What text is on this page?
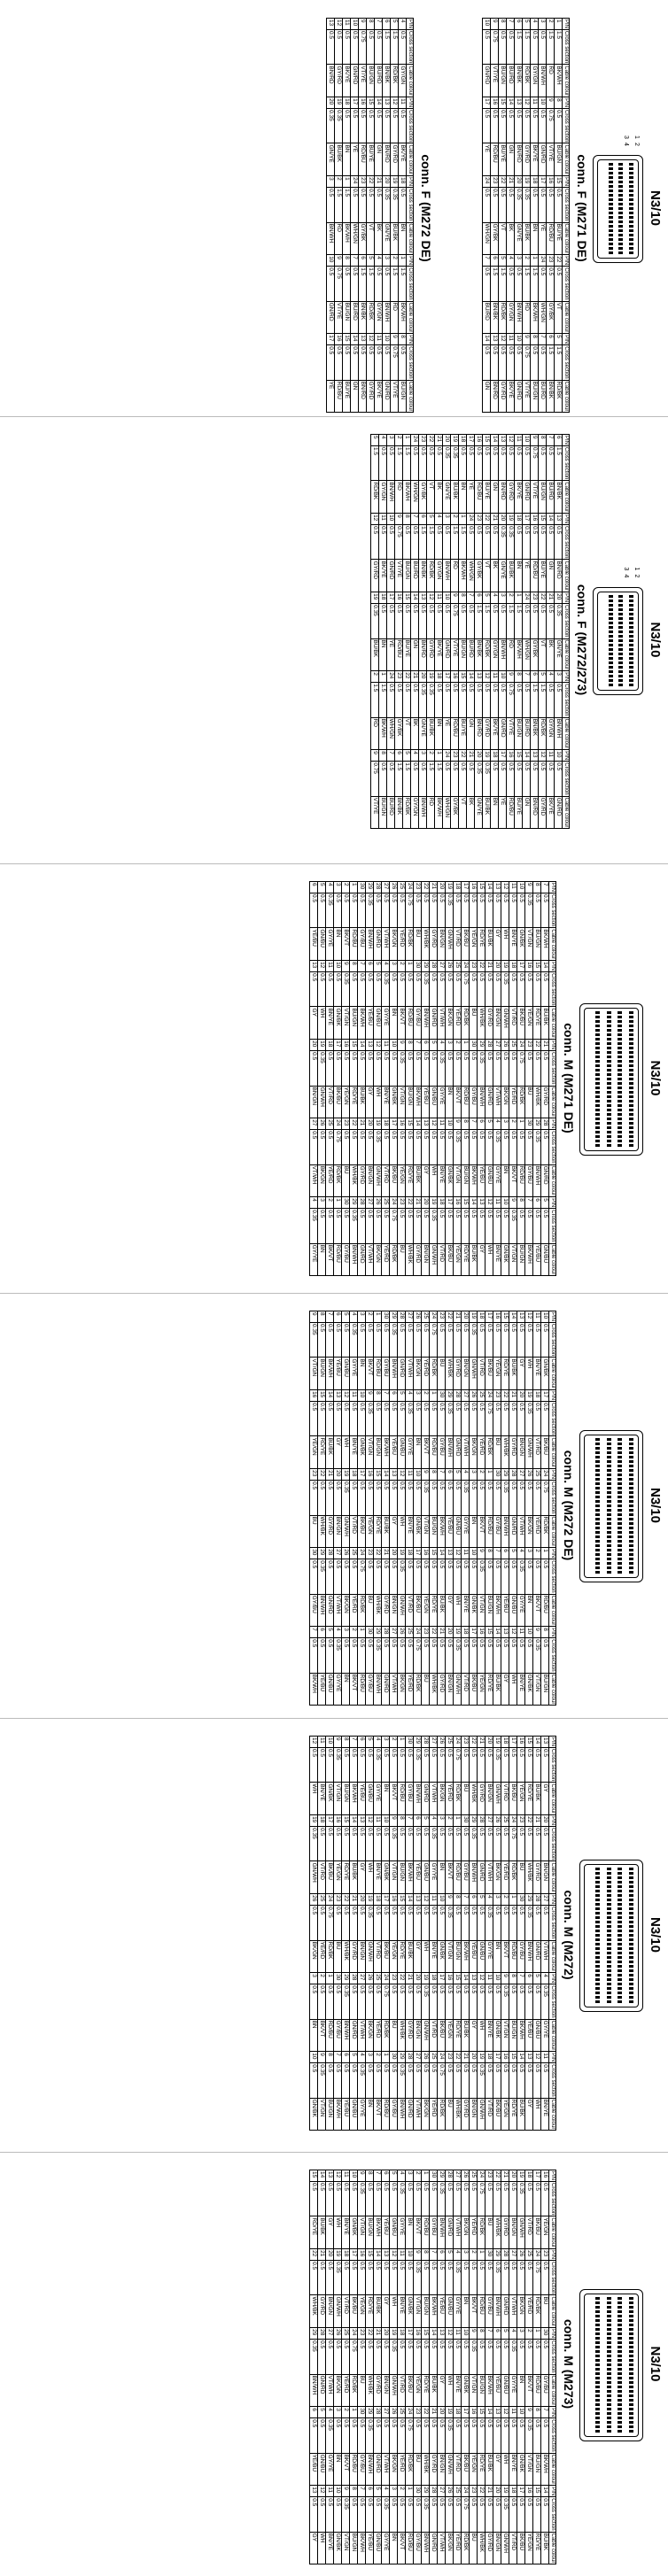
N3/10
1
2
3
4
conn. F (M271 DE)
PIN	Cross section	Cable colour	PIN	Cross section	Cable colour	PIN	Cross section	Cable colour	PIN	Cross section	Cable colour	PIN	Cross section	Cable colour
1	1.5	BK/WH	8	0.5	BU/GN	15	0.5	BU/YE	22	0.5	VT	5	1.5	RD/BK
2	1.5	RD	9	0.75	VT/YE	16	0.5	RD/BU	23	0.5	GY/BK	6	1.5	BN/BK
3	0.5	BN/WH	10	0.5	GN/RD	17	0.5	YE	24	0.5	WH/GN	7	0.5	BU/RD
4	0.5	GY/GN	11	0.5	BK/YE	18	0.5	BN	1	1.5	BK/WH	8	0.5	BU/GN
5	1.5	RD/BK	12	0.5	GY/RD	19	0.35	BU/BK	2	1.5	RD	9	0.75	VT/YE
6	1.5	BN/BK	13	0.5	BN/RD	20	0.35	GN/YE	3	0.5	BN/WH	10	0.5	GN/RD
7	0.5	BU/RD	14	0.5	GN	21	0.5	BK	4	0.5	GY/GN	11	0.5	BK/YE
8	0.5	BU/GN	15	0.5	BU/YE	22	0.5	VT	5	1.5	RD/BK	12	0.5	GY/RD
9	0.75	VT/YE	16	0.5	RD/BU	23	0.5	GY/BK	6	1.5	BN/BK	13	0.5	BN/RD
10	0.5	GN/RD	17	0.5	YE	24	0.5	WH/GN	7	0.5	BU/RD	14	0.5	GN
PIN	Cross section	Cable colour	PIN	Cross section	Cable colour	PIN	Cross section	Cable colour	PIN	Cross section	Cable colour	PIN	Cross section	Cable colour
4	0.5	GY/GN	11	0.5	BK/YE	18	0.5	BN	1	1.5	BK/WH	8	0.5	BU/GN
5	1.5	RD/BK	12	0.5	GY/RD	19	0.35	BU/BK	2	1.5	RD	9	0.75	VT/YE
6	1.5	BN/BK	13	0.5	BN/RD	20	0.35	GN/YE	3	0.5	BN/WH	10	0.5	GN/RD
7	0.5	BU/RD	14	0.5	GN	21	0.5	BK	4	0.5	GY/GN	11	0.5	BK/YE
8	0.5	BU/GN	15	0.5	BU/YE	22	0.5	VT	5	1.5	RD/BK	12	0.5	GY/RD
9	0.75	VT/YE	16	0.5	RD/BU	23	0.5	GY/BK	6	1.5	BN/BK	13	0.5	BN/RD
10	0.5	GN/RD	17	0.5	YE	24	0.5	WH/GN	7	0.5	BU/RD	14	0.5	GN
11	0.5	BK/YE	18	0.5	BN	1	1.5	BK/WH	8	0.5	BU/GN	15	0.5	BU/YE
12	0.5	GY/RD	19	0.35	BU/BK	2	1.5	RD	9	0.75	VT/YE	16	0.5	RD/BU
13	0.5	BN/RD	20	0.35	GN/YE	3	0.5	BN/WH	10	0.5	GN/RD	17	0.5	YE
conn. F (M272 DE)
N3/10
1
2
3
4
conn. F (M272/273)
PIN	Cross section	Cable colour	PIN	Cross section	Cable colour	PIN	Cross section	Cable colour	PIN	Cross section	Cable colour	PIN	Cross section	Cable colour
6	1.5	BN/BK	13	0.5	BN/RD	20	0.35	GN/YE	3	0.5	BN/WH	10	0.5	GN/RD
7	0.5	BU/RD	14	0.5	GN	21	0.5	BK	4	0.5	GY/GN	11	0.5	BK/YE
8	0.5	BU/GN	15	0.5	BU/YE	22	0.5	VT	5	1.5	RD/BK	12	0.5	GY/RD
9	0.75	VT/YE	16	0.5	RD/BU	23	0.5	GY/BK	6	1.5	BN/BK	13	0.5	BN/RD
10	0.5	GN/RD	17	0.5	YE	24	0.5	WH/GN	7	0.5	BU/RD	14	0.5	GN
11	0.5	BK/YE	18	0.5	BN	1	1.5	BK/WH	8	0.5	BU/GN	15	0.5	BU/YE
12	0.5	GY/RD	19	0.35	BU/BK	2	1.5	RD	9	0.75	VT/YE	16	0.5	RD/BU
13	0.5	BN/RD	20	0.35	GN/YE	3	0.5	BN/WH	10	0.5	GN/RD	17	0.5	YE
14	0.5	GN	21	0.5	BK	4	0.5	GY/GN	11	0.5	BK/YE	18	0.5	BN
15	0.5	BU/YE	22	0.5	VT	5	1.5	RD/BK	12	0.5	GY/RD	19	0.35	BU/BK
16	0.5	RD/BU	23	0.5	GY/BK	6	1.5	BN/BK	13	0.5	BN/RD	20	0.35	GN/YE
17	0.5	YE	24	0.5	WH/GN	7	0.5	BU/RD	14	0.5	GN	21	0.5	BK
18	0.5	BN	1	1.5	BK/WH	8	0.5	BU/GN	15	0.5	BU/YE	22	0.5	VT
19	0.35	BU/BK	2	1.5	RD	9	0.75	VT/YE	16	0.5	RD/BU	23	0.5	GY/BK
20	0.35	GN/YE	3	0.5	BN/WH	10	0.5	GN/RD	17	0.5	YE	24	0.5	WH/GN
21	0.5	BK	4	0.5	GY/GN	11	0.5	BK/YE	18	0.5	BN	1	1.5	BK/WH
22	0.5	VT	5	1.5	RD/BK	12	0.5	GY/RD	19	0.35	BU/BK	2	1.5	RD
23	0.5	GY/BK	6	1.5	BN/BK	13	0.5	BN/RD	20	0.35	GN/YE	3	0.5	BN/WH
24	0.5	WH/GN	7	0.5	BU/RD	14	0.5	GN	21	0.5	BK	4	0.5	GY/GN
1	1.5	BK/WH	8	0.5	BU/GN	15	0.5	BU/YE	22	0.5	VT	5	1.5	RD/BK
2	1.5	RD	9	0.75	VT/YE	16	0.5	RD/BU	23	0.5	GY/BK	6	1.5	BN/BK
3	0.5	BN/WH	10	0.5	GN/RD	17	0.5	YE	24	0.5	WH/GN	7	0.5	BU/RD
4	0.5	GY/GN	11	0.5	BK/YE	18	0.5	BN	1	1.5	BK/WH	8	0.5	BU/GN
5	1.5	RD/BK	12	0.5	GY/RD	19	0.35	BU/BK	2	1.5	RD	9	0.75	VT/YE
N3/10
conn. M (M271 DE)
PIN	Cross section	Cable colour	PIN	Cross section	Cable colour	PIN	Cross section	Cable colour	PIN	Cross section	Cable colour	PIN	Cross section	Cable colour
7	0.5	BK/WH	14	0.5	BU/BK	21	0.5	GY/RD	28	0.5	GN/RD	5	0.5	GN/BU
8	0.5	BU/GN	15	0.5	RD/YE	22	0.5	WH/BK	29	0.35	BN/WH	6	0.5	YE/BU
9	0.35	VT/GN	16	0.5	YE/GN	23	0.5	BU	30	0.5	GY/BU	7	0.5	BK/WH
10	0.5	GN/BK	17	0.5	BK/BU	24	0.75	RD/BK	1	0.5	RD/BU	8	0.5	BU/GN
11	0.5	BN/YE	18	0.5	VT/RD	25	0.5	YE/RD	2	0.5	BK/VT	9	0.35	VT/GN
12	0.5	WH	19	0.35	GN/WH	26	0.5	BK/GN	3	0.5	BN	10	0.5	GN/BK
13	0.5	GY	20	0.5	BN/GN	27	0.5	VT/WH	4	0.35	GY/YE	11	0.5	BN/YE
14	0.5	BU/BK	21	0.5	GY/RD	28	0.5	GN/RD	5	0.5	GN/BU	12	0.5	WH
15	0.5	RD/YE	22	0.5	WH/BK	29	0.35	BN/WH	6	0.5	YE/BU	13	0.5	GY
16	0.5	YE/GN	23	0.5	BU	30	0.5	GY/BU	7	0.5	BK/WH	14	0.5	BU/BK
17	0.5	BK/BU	24	0.75	RD/BK	1	0.5	RD/BU	8	0.5	BU/GN	15	0.5	RD/YE
18	0.5	VT/RD	25	0.5	YE/RD	2	0.5	BK/VT	9	0.35	VT/GN	16	0.5	YE/GN
19	0.35	GN/WH	26	0.5	BK/GN	3	0.5	BN	10	0.5	GN/BK	17	0.5	BK/BU
20	0.5	BN/GN	27	0.5	VT/WH	4	0.35	GY/YE	11	0.5	BN/YE	18	0.5	VT/RD
21	0.5	GY/RD	28	0.5	GN/RD	5	0.5	GN/BU	12	0.5	WH	19	0.35	GN/WH
22	0.5	WH/BK	29	0.35	BN/WH	6	0.5	YE/BU	13	0.5	GY	20	0.5	BN/GN
23	0.5	BU	30	0.5	GY/BU	7	0.5	BK/WH	14	0.5	BU/BK	21	0.5	GY/RD
24	0.75	RD/BK	1	0.5	RD/BU	8	0.5	BU/GN	15	0.5	RD/YE	22	0.5	WH/BK
25	0.5	YE/RD	2	0.5	BK/VT	9	0.35	VT/GN	16	0.5	YE/GN	23	0.5	BU
26	0.5	BK/GN	3	0.5	BN	10	0.5	GN/BK	17	0.5	BK/BU	24	0.75	RD/BK
27	0.5	VT/WH	4	0.35	GY/YE	11	0.5	BN/YE	18	0.5	VT/RD	25	0.5	YE/RD
28	0.5	GN/RD	5	0.5	GN/BU	12	0.5	WH	19	0.35	GN/WH	26	0.5	BK/GN
29	0.35	BN/WH	6	0.5	YE/BU	13	0.5	GY	20	0.5	BN/GN	27	0.5	VT/WH
30	0.5	GY/BU	7	0.5	BK/WH	14	0.5	BU/BK	21	0.5	GY/RD	28	0.5	GN/RD
1	0.5	RD/BU	8	0.5	BU/GN	15	0.5	RD/YE	22	0.5	WH/BK	29	0.35	BN/WH
2	0.5	BK/VT	9	0.35	VT/GN	16	0.5	YE/GN	23	0.5	BU	30	0.5	GY/BU
3	0.5	BN	10	0.5	GN/BK	17	0.5	BK/BU	24	0.75	RD/BK	1	0.5	RD/BU
4	0.35	GY/YE	11	0.5	BN/YE	18	0.5	VT/RD	25	0.5	YE/RD	2	0.5	BK/VT
5	0.5	GN/BU	12	0.5	WH	19	0.35	GN/WH	26	0.5	BK/GN	3	0.5	BN
6	0.5	YE/BU	13	0.5	GY	20	0.5	BN/GN	27	0.5	VT/WH	4	0.35	GY/YE
N3/10
conn. M (M272 DE)
PIN	Cross section	Cable colour	PIN	Cross section	Cable colour	PIN	Cross section	Cable colour	PIN	Cross section	Cable colour	PIN	Cross section	Cable colour
10	0.5	GN/BK	17	0.5	BK/BU	24	0.75	RD/BK	1	0.5	RD/BU	8	0.5	BU/GN
11	0.5	BN/YE	18	0.5	VT/RD	25	0.5	YE/RD	2	0.5	BK/VT	9	0.35	VT/GN
12	0.5	WH	19	0.35	GN/WH	26	0.5	BK/GN	3	0.5	BN	10	0.5	GN/BK
13	0.5	GY	20	0.5	BN/GN	27	0.5	VT/WH	4	0.35	GY/YE	11	0.5	BN/YE
14	0.5	BU/BK	21	0.5	GY/RD	28	0.5	GN/RD	5	0.5	GN/BU	12	0.5	WH
15	0.5	RD/YE	22	0.5	WH/BK	29	0.35	BN/WH	6	0.5	YE/BU	13	0.5	GY
16	0.5	YE/GN	23	0.5	BU	30	0.5	GY/BU	7	0.5	BK/WH	14	0.5	BU/BK
17	0.5	BK/BU	24	0.75	RD/BK	1	0.5	RD/BU	8	0.5	BU/GN	15	0.5	RD/YE
18	0.5	VT/RD	25	0.5	YE/RD	2	0.5	BK/VT	9	0.35	VT/GN	16	0.5	YE/GN
19	0.35	GN/WH	26	0.5	BK/GN	3	0.5	BN	10	0.5	GN/BK	17	0.5	BK/BU
20	0.5	BN/GN	27	0.5	VT/WH	4	0.35	GY/YE	11	0.5	BN/YE	18	0.5	VT/RD
21	0.5	GY/RD	28	0.5	GN/RD	5	0.5	GN/BU	12	0.5	WH	19	0.35	GN/WH
22	0.5	WH/BK	29	0.35	BN/WH	6	0.5	YE/BU	13	0.5	GY	20	0.5	BN/GN
23	0.5	BU	30	0.5	GY/BU	7	0.5	BK/WH	14	0.5	BU/BK	21	0.5	GY/RD
24	0.75	RD/BK	1	0.5	RD/BU	8	0.5	BU/GN	15	0.5	RD/YE	22	0.5	WH/BK
25	0.5	YE/RD	2	0.5	BK/VT	9	0.35	VT/GN	16	0.5	YE/GN	23	0.5	BU
26	0.5	BK/GN	3	0.5	BN	10	0.5	GN/BK	17	0.5	BK/BU	24	0.75	RD/BK
27	0.5	VT/WH	4	0.35	GY/YE	11	0.5	BN/YE	18	0.5	VT/RD	25	0.5	YE/RD
28	0.5	GN/RD	5	0.5	GN/BU	12	0.5	WH	19	0.35	GN/WH	26	0.5	BK/GN
29	0.35	BN/WH	6	0.5	YE/BU	13	0.5	GY	20	0.5	BN/GN	27	0.5	VT/WH
30	0.5	GY/BU	7	0.5	BK/WH	14	0.5	BU/BK	21	0.5	GY/RD	28	0.5	GN/RD
1	0.5	RD/BU	8	0.5	BU/GN	15	0.5	RD/YE	22	0.5	WH/BK	29	0.35	BN/WH
2	0.5	BK/VT	9	0.35	VT/GN	16	0.5	YE/GN	23	0.5	BU	30	0.5	GY/BU
3	0.5	BN	10	0.5	GN/BK	17	0.5	BK/BU	24	0.75	RD/BK	1	0.5	RD/BU
4	0.35	GY/YE	11	0.5	BN/YE	18	0.5	VT/RD	25	0.5	YE/RD	2	0.5	BK/VT
5	0.5	GN/BU	12	0.5	WH	19	0.35	GN/WH	26	0.5	BK/GN	3	0.5	BN
6	0.5	YE/BU	13	0.5	GY	20	0.5	BN/GN	27	0.5	VT/WH	4	0.35	GY/YE
7	0.5	BK/WH	14	0.5	BU/BK	21	0.5	GY/RD	28	0.5	GN/RD	5	0.5	GN/BU
8	0.5	BU/GN	15	0.5	RD/YE	22	0.5	WH/BK	29	0.35	BN/WH	6	0.5	YE/BU
9	0.35	VT/GN	16	0.5	YE/GN	23	0.5	BU	30	0.5	GY/BU	7	0.5	BK/WH
N3/10
conn. M (M272)
PIN	Cross section	Cable colour	PIN	Cross section	Cable colour	PIN	Cross section	Cable colour	PIN	Cross section	Cable colour	PIN	Cross section	Cable colour
13	0.5	GY	20	0.5	BN/GN	27	0.5	VT/WH	4	0.35	GY/YE	11	0.5	BN/YE
14	0.5	BU/BK	21	0.5	GY/RD	28	0.5	GN/RD	5	0.5	GN/BU	12	0.5	WH
15	0.5	RD/YE	22	0.5	WH/BK	29	0.35	BN/WH	6	0.5	YE/BU	13	0.5	GY
16	0.5	YE/GN	23	0.5	BU	30	0.5	GY/BU	7	0.5	BK/WH	14	0.5	BU/BK
17	0.5	BK/BU	24	0.75	RD/BK	1	0.5	RD/BU	8	0.5	BU/GN	15	0.5	RD/YE
18	0.5	VT/RD	25	0.5	YE/RD	2	0.5	BK/VT	9	0.35	VT/GN	16	0.5	YE/GN
19	0.35	GN/WH	26	0.5	BK/GN	3	0.5	BN	10	0.5	GN/BK	17	0.5	BK/BU
20	0.5	BN/GN	27	0.5	VT/WH	4	0.35	GY/YE	11	0.5	BN/YE	18	0.5	VT/RD
21	0.5	GY/RD	28	0.5	GN/RD	5	0.5	GN/BU	12	0.5	WH	19	0.35	GN/WH
22	0.5	WH/BK	29	0.35	BN/WH	6	0.5	YE/BU	13	0.5	GY	20	0.5	BN/GN
23	0.5	BU	30	0.5	GY/BU	7	0.5	BK/WH	14	0.5	BU/BK	21	0.5	GY/RD
24	0.75	RD/BK	1	0.5	RD/BU	8	0.5	BU/GN	15	0.5	RD/YE	22	0.5	WH/BK
25	0.5	YE/RD	2	0.5	BK/VT	9	0.35	VT/GN	16	0.5	YE/GN	23	0.5	BU
26	0.5	BK/GN	3	0.5	BN	10	0.5	GN/BK	17	0.5	BK/BU	24	0.75	RD/BK
27	0.5	VT/WH	4	0.35	GY/YE	11	0.5	BN/YE	18	0.5	VT/RD	25	0.5	YE/RD
28	0.5	GN/RD	5	0.5	GN/BU	12	0.5	WH	19	0.35	GN/WH	26	0.5	BK/GN
29	0.35	BN/WH	6	0.5	YE/BU	13	0.5	GY	20	0.5	BN/GN	27	0.5	VT/WH
30	0.5	GY/BU	7	0.5	BK/WH	14	0.5	BU/BK	21	0.5	GY/RD	28	0.5	GN/RD
1	0.5	RD/BU	8	0.5	BU/GN	15	0.5	RD/YE	22	0.5	WH/BK	29	0.35	BN/WH
2	0.5	BK/VT	9	0.35	VT/GN	16	0.5	YE/GN	23	0.5	BU	30	0.5	GY/BU
3	0.5	BN	10	0.5	GN/BK	17	0.5	BK/BU	24	0.75	RD/BK	1	0.5	RD/BU
4	0.35	GY/YE	11	0.5	BN/YE	18	0.5	VT/RD	25	0.5	YE/RD	2	0.5	BK/VT
5	0.5	GN/BU	12	0.5	WH	19	0.35	GN/WH	26	0.5	BK/GN	3	0.5	BN
6	0.5	YE/BU	13	0.5	GY	20	0.5	BN/GN	27	0.5	VT/WH	4	0.35	GY/YE
7	0.5	BK/WH	14	0.5	BU/BK	21	0.5	GY/RD	28	0.5	GN/RD	5	0.5	GN/BU
8	0.5	BU/GN	15	0.5	RD/YE	22	0.5	WH/BK	29	0.35	BN/WH	6	0.5	YE/BU
9	0.35	VT/GN	16	0.5	YE/GN	23	0.5	BU	30	0.5	GY/BU	7	0.5	BK/WH
10	0.5	GN/BK	17	0.5	BK/BU	24	0.75	RD/BK	1	0.5	RD/BU	8	0.5	BU/GN
11	0.5	BN/YE	18	0.5	VT/RD	25	0.5	YE/RD	2	0.5	BK/VT	9	0.35	VT/GN
12	0.5	WH	19	0.35	GN/WH	26	0.5	BK/GN	3	0.5	BN	10	0.5	GN/BK
N3/10
conn. M (M273)
PIN	Cross section	Cable colour	PIN	Cross section	Cable colour	PIN	Cross section	Cable colour	PIN	Cross section	Cable colour	PIN	Cross section	Cable colour
16	0.5	YE/GN	23	0.5	BU	30	0.5	GY/BU	7	0.5	BK/WH	14	0.5	BU/BK
17	0.5	BK/BU	24	0.75	RD/BK	1	0.5	RD/BU	8	0.5	BU/GN	15	0.5	RD/YE
18	0.5	VT/RD	25	0.5	YE/RD	2	0.5	BK/VT	9	0.35	VT/GN	16	0.5	YE/GN
19	0.35	GN/WH	26	0.5	BK/GN	3	0.5	BN	10	0.5	GN/BK	17	0.5	BK/BU
20	0.5	BN/GN	27	0.5	VT/WH	4	0.35	GY/YE	11	0.5	BN/YE	18	0.5	VT/RD
21	0.5	GY/RD	28	0.5	GN/RD	5	0.5	GN/BU	12	0.5	WH	19	0.35	GN/WH
22	0.5	WH/BK	29	0.35	BN/WH	6	0.5	YE/BU	13	0.5	GY	20	0.5	BN/GN
23	0.5	BU	30	0.5	GY/BU	7	0.5	BK/WH	14	0.5	BU/BK	21	0.5	GY/RD
24	0.75	RD/BK	1	0.5	RD/BU	8	0.5	BU/GN	15	0.5	RD/YE	22	0.5	WH/BK
25	0.5	YE/RD	2	0.5	BK/VT	9	0.35	VT/GN	16	0.5	YE/GN	23	0.5	BU
26	0.5	BK/GN	3	0.5	BN	10	0.5	GN/BK	17	0.5	BK/BU	24	0.75	RD/BK
27	0.5	VT/WH	4	0.35	GY/YE	11	0.5	BN/YE	18	0.5	VT/RD	25	0.5	YE/RD
28	0.5	GN/RD	5	0.5	GN/BU	12	0.5	WH	19	0.35	GN/WH	26	0.5	BK/GN
29	0.35	BN/WH	6	0.5	YE/BU	13	0.5	GY	20	0.5	BN/GN	27	0.5	VT/WH
30	0.5	GY/BU	7	0.5	BK/WH	14	0.5	BU/BK	21	0.5	GY/RD	28	0.5	GN/RD
1	0.5	RD/BU	8	0.5	BU/GN	15	0.5	RD/YE	22	0.5	WH/BK	29	0.35	BN/WH
2	0.5	BK/VT	9	0.35	VT/GN	16	0.5	YE/GN	23	0.5	BU	30	0.5	GY/BU
3	0.5	BN	10	0.5	GN/BK	17	0.5	BK/BU	24	0.75	RD/BK	1	0.5	RD/BU
4	0.35	GY/YE	11	0.5	BN/YE	18	0.5	VT/RD	25	0.5	YE/RD	2	0.5	BK/VT
5	0.5	GN/BU	12	0.5	WH	19	0.35	GN/WH	26	0.5	BK/GN	3	0.5	BN
6	0.5	YE/BU	13	0.5	GY	20	0.5	BN/GN	27	0.5	VT/WH	4	0.35	GY/YE
7	0.5	BK/WH	14	0.5	BU/BK	21	0.5	GY/RD	28	0.5	GN/RD	5	0.5	GN/BU
8	0.5	BU/GN	15	0.5	RD/YE	22	0.5	WH/BK	29	0.35	BN/WH	6	0.5	YE/BU
9	0.35	VT/GN	16	0.5	YE/GN	23	0.5	BU	30	0.5	GY/BU	7	0.5	BK/WH
10	0.5	GN/BK	17	0.5	BK/BU	24	0.75	RD/BK	1	0.5	RD/BU	8	0.5	BU/GN
11	0.5	BN/YE	18	0.5	VT/RD	25	0.5	YE/RD	2	0.5	BK/VT	9	0.35	VT/GN
12	0.5	WH	19	0.35	GN/WH	26	0.5	BK/GN	3	0.5	BN	10	0.5	GN/BK
13	0.5	GY	20	0.5	BN/GN	27	0.5	VT/WH	4	0.35	GY/YE	11	0.5	BN/YE
14	0.5	BU/BK	21	0.5	GY/RD	28	0.5	GN/RD	5	0.5	GN/BU	12	0.5	WH
15	0.5	RD/YE	22	0.5	WH/BK	29	0.35	BN/WH	6	0.5	YE/BU	13	0.5	GY
